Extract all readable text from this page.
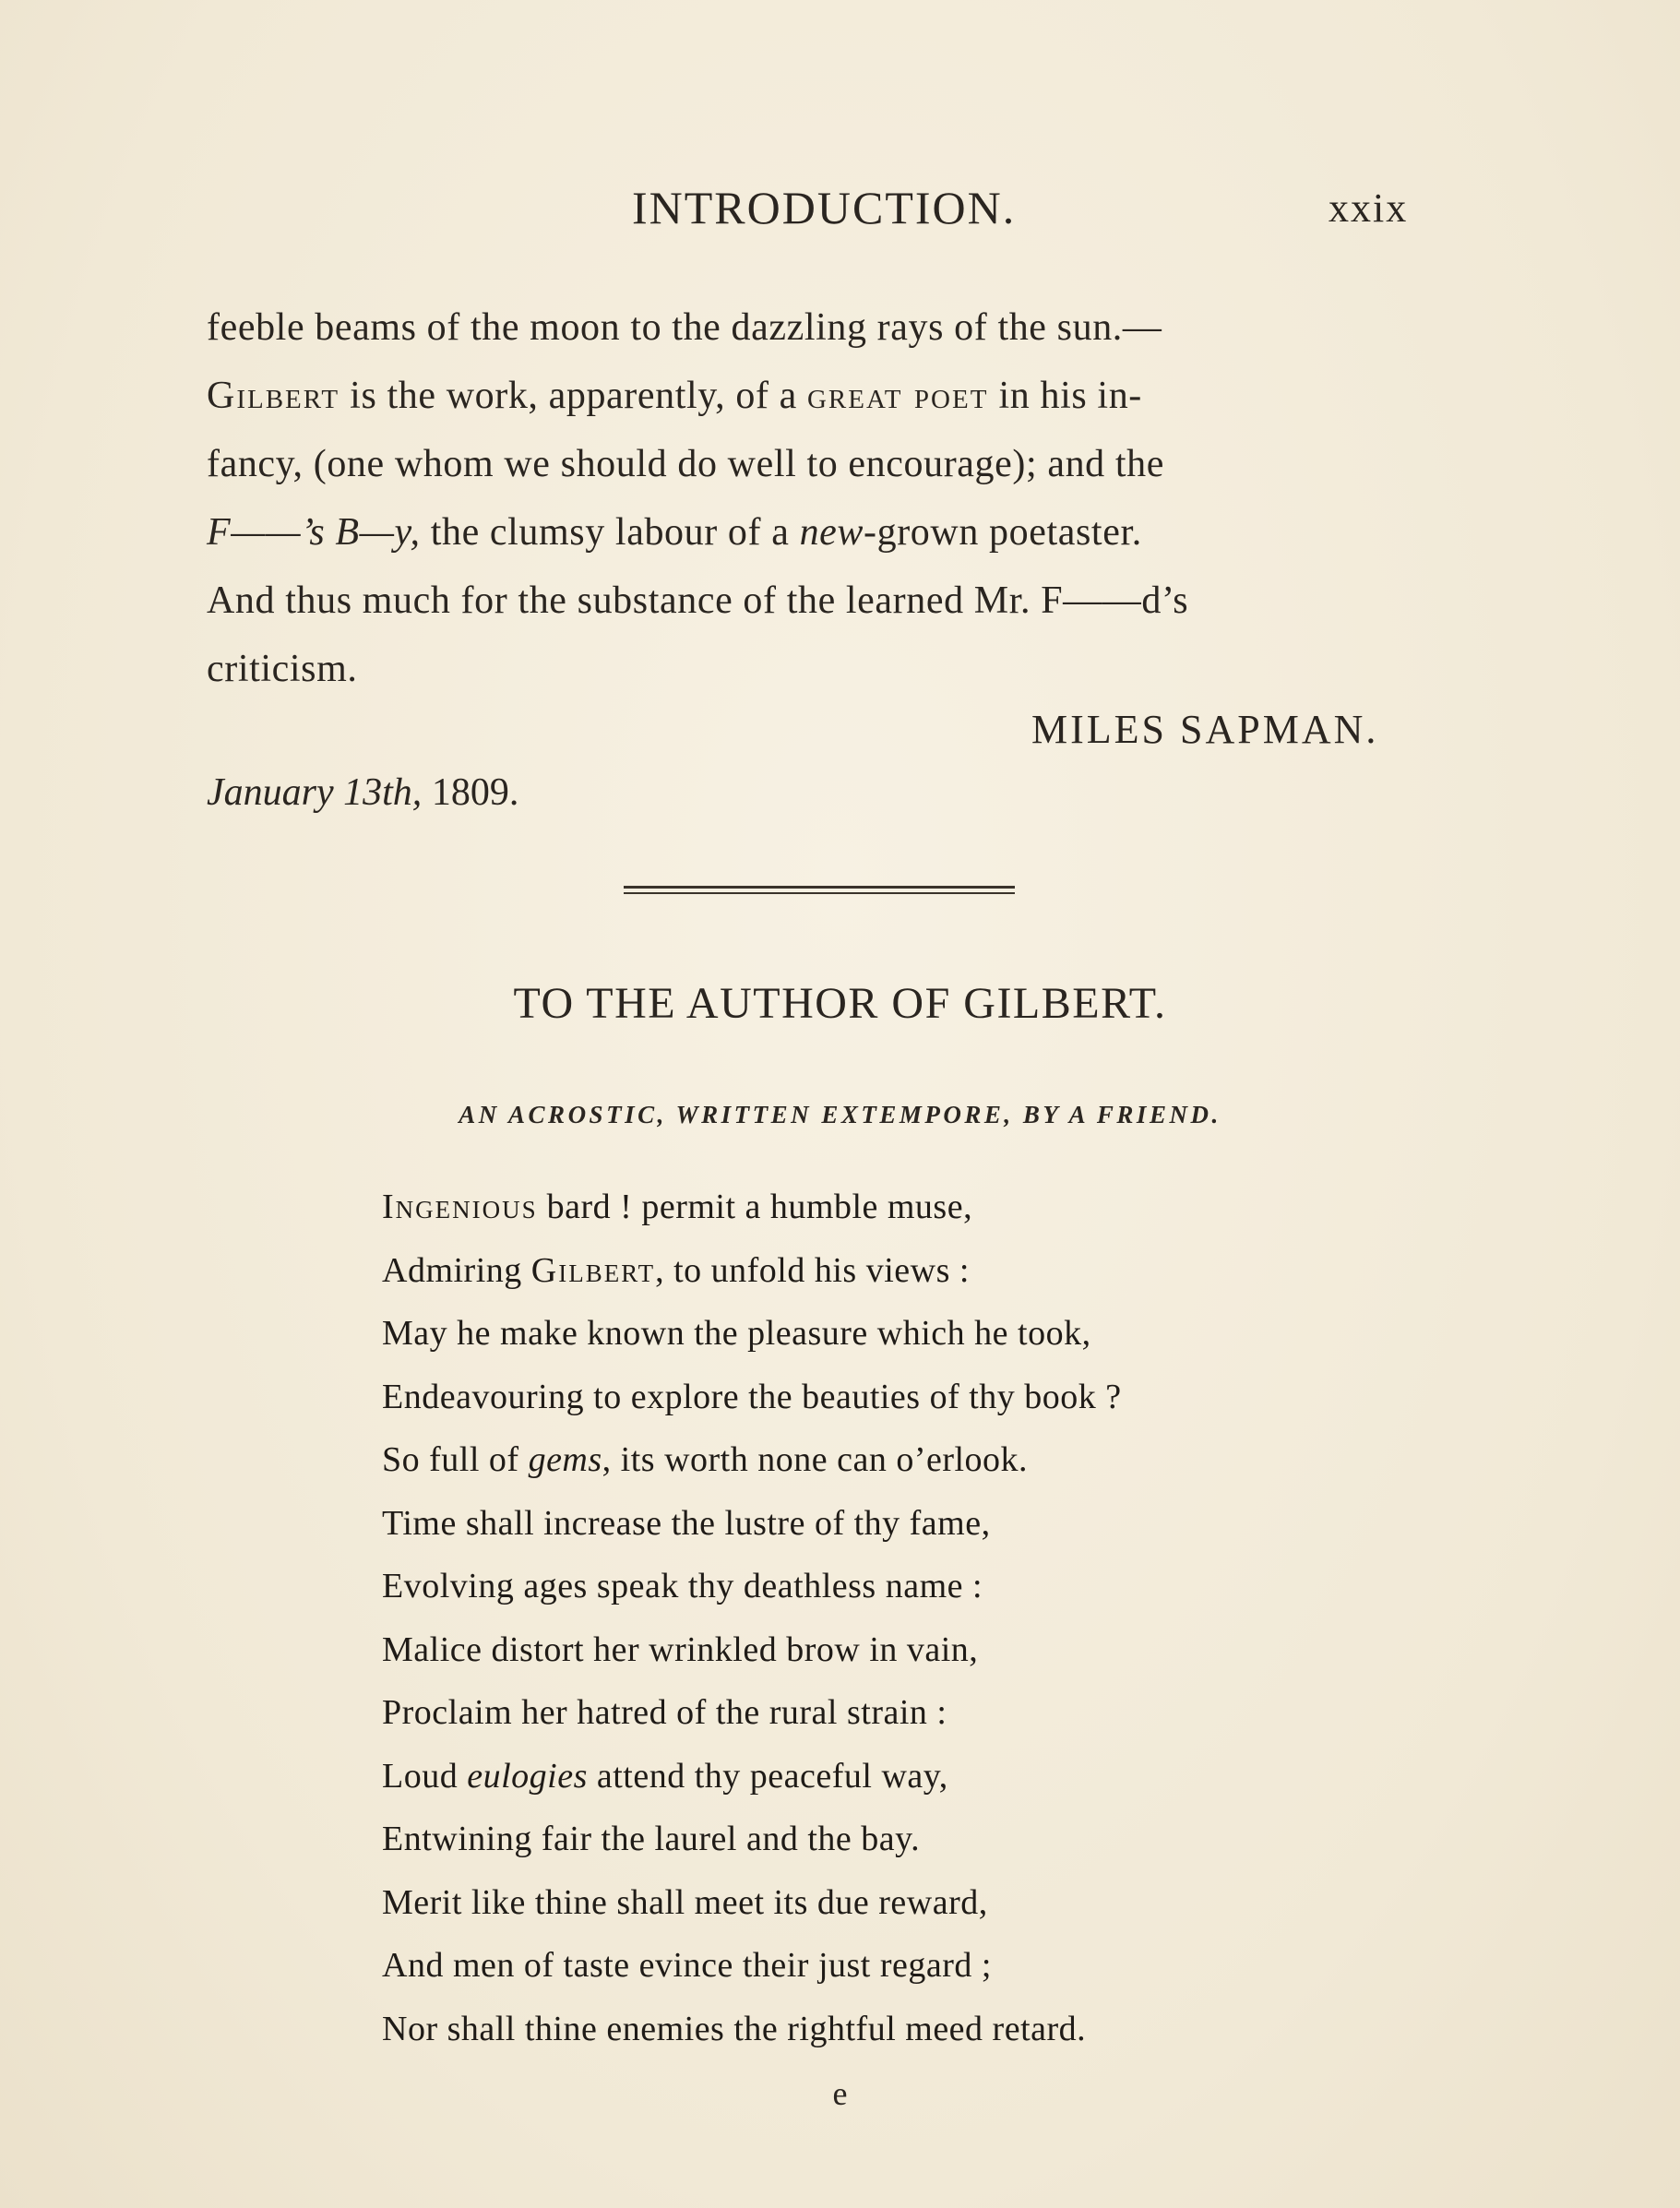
INTRODUCTION.	xxix
feeble beams of the moon to the dazzling rays of the sun.—
Gilbert is the work, apparently, of a great poet in his in-
fancy, (one whom we should do well to encourage); and the
F——’s B—y, the clumsy labour of a new-grown poetaster.
And thus much for the substance of the learned Mr. F——d’s
criticism.
MILES SAPMAN.
January 13th, 1809.
TO THE AUTHOR OF GILBERT.
AN ACROSTIC, WRITTEN EXTEMPORE, BY A FRIEND.
Ingenious bard ! permit a humble muse,
Admiring Gilbert, to unfold his views :
May he make known the pleasure which he took,
Endeavouring to explore the beauties of thy book ?
So full of gems, its worth none can o’erlook.
Time shall increase the lustre of thy fame,
Evolving ages speak thy deathless name :
Malice distort her wrinkled brow in vain,
Proclaim her hatred of the rural strain :
Loud eulogies attend thy peaceful way,
Entwining fair the laurel and the bay.
Merit like thine shall meet its due reward,
And men of taste evince their just regard ;
Nor shall thine enemies the rightful meed retard.
e
